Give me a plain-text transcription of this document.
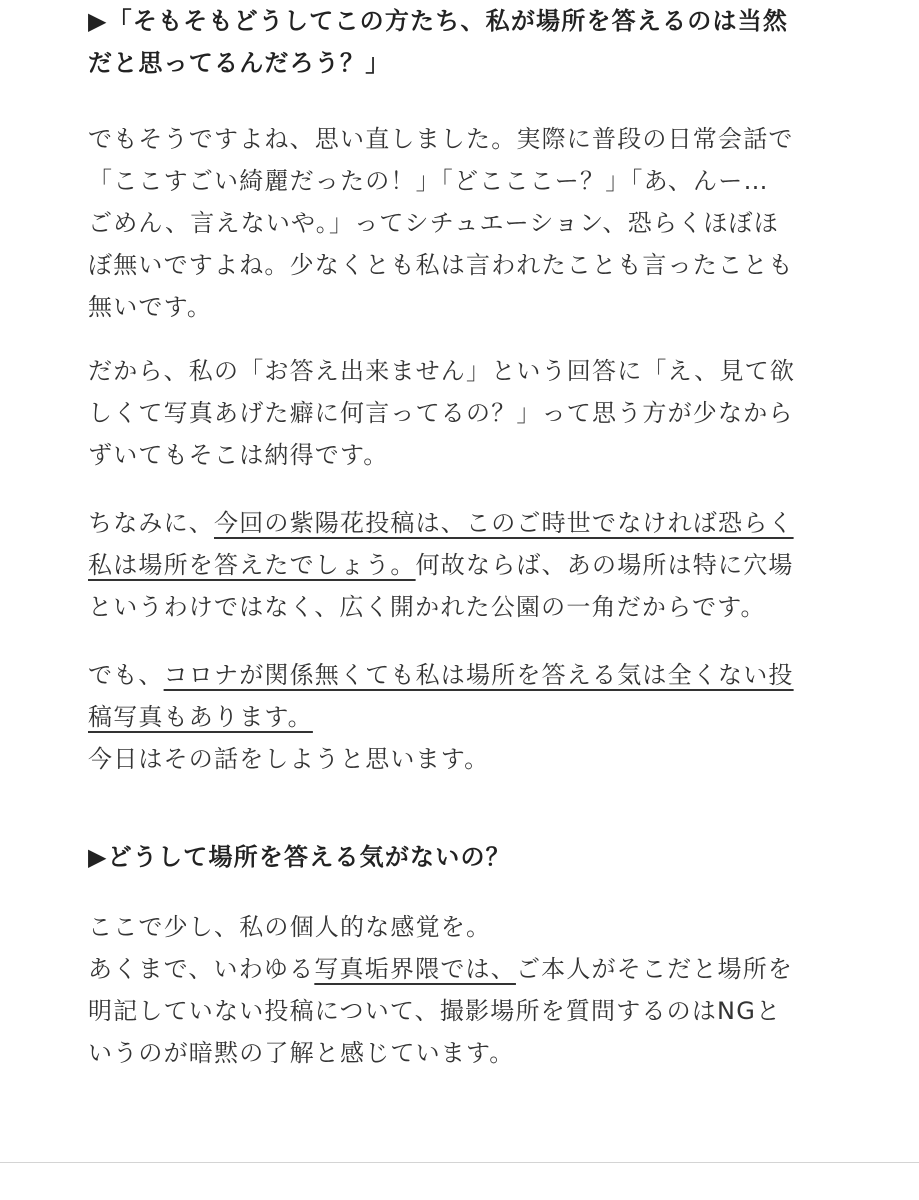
▶「そもそもどうしてこの方たち、私が場所を答えるのは当然
だと思ってるんだろう？」
でもそうですよね、思い直しました。実際に普段の日常会話で
「ここすごい綺麗だったの！」「どこここー？」「あ、んー…
ごめん、言えないや。」ってシチュエーション、恐らくほぼほ
ぼ無いですよね。少なくとも私は言われたことも言ったことも
無いです。
だから、私の「お答え出来ません」という回答に「え、見て欲
しくて写真あげた癖に何言ってるの？」って思う方が少なから
ずいてもそこは納得です。
ちなみに、今回の紫陽花投稿は、このご時世でなければ恐らく
私は場所を答えたでしょう。何故ならば、あの場所は特に穴場
というわけではなく、広く開かれた公園の一角だからです。
でも、コロナが関係無くても私は場所を答える気は全くない投
稿写真もあります。
今日はその話をしようと思います。
▶どうして場所を答える気がないの？
ここで少し、私の個人的な感覚を。
あくまで、いわゆる写真垢界隈では、ご本人がそこだと場所を
明記していない投稿について、撮影場所を質問するのはNGと
いうのが暗黙の了解と感じています。
